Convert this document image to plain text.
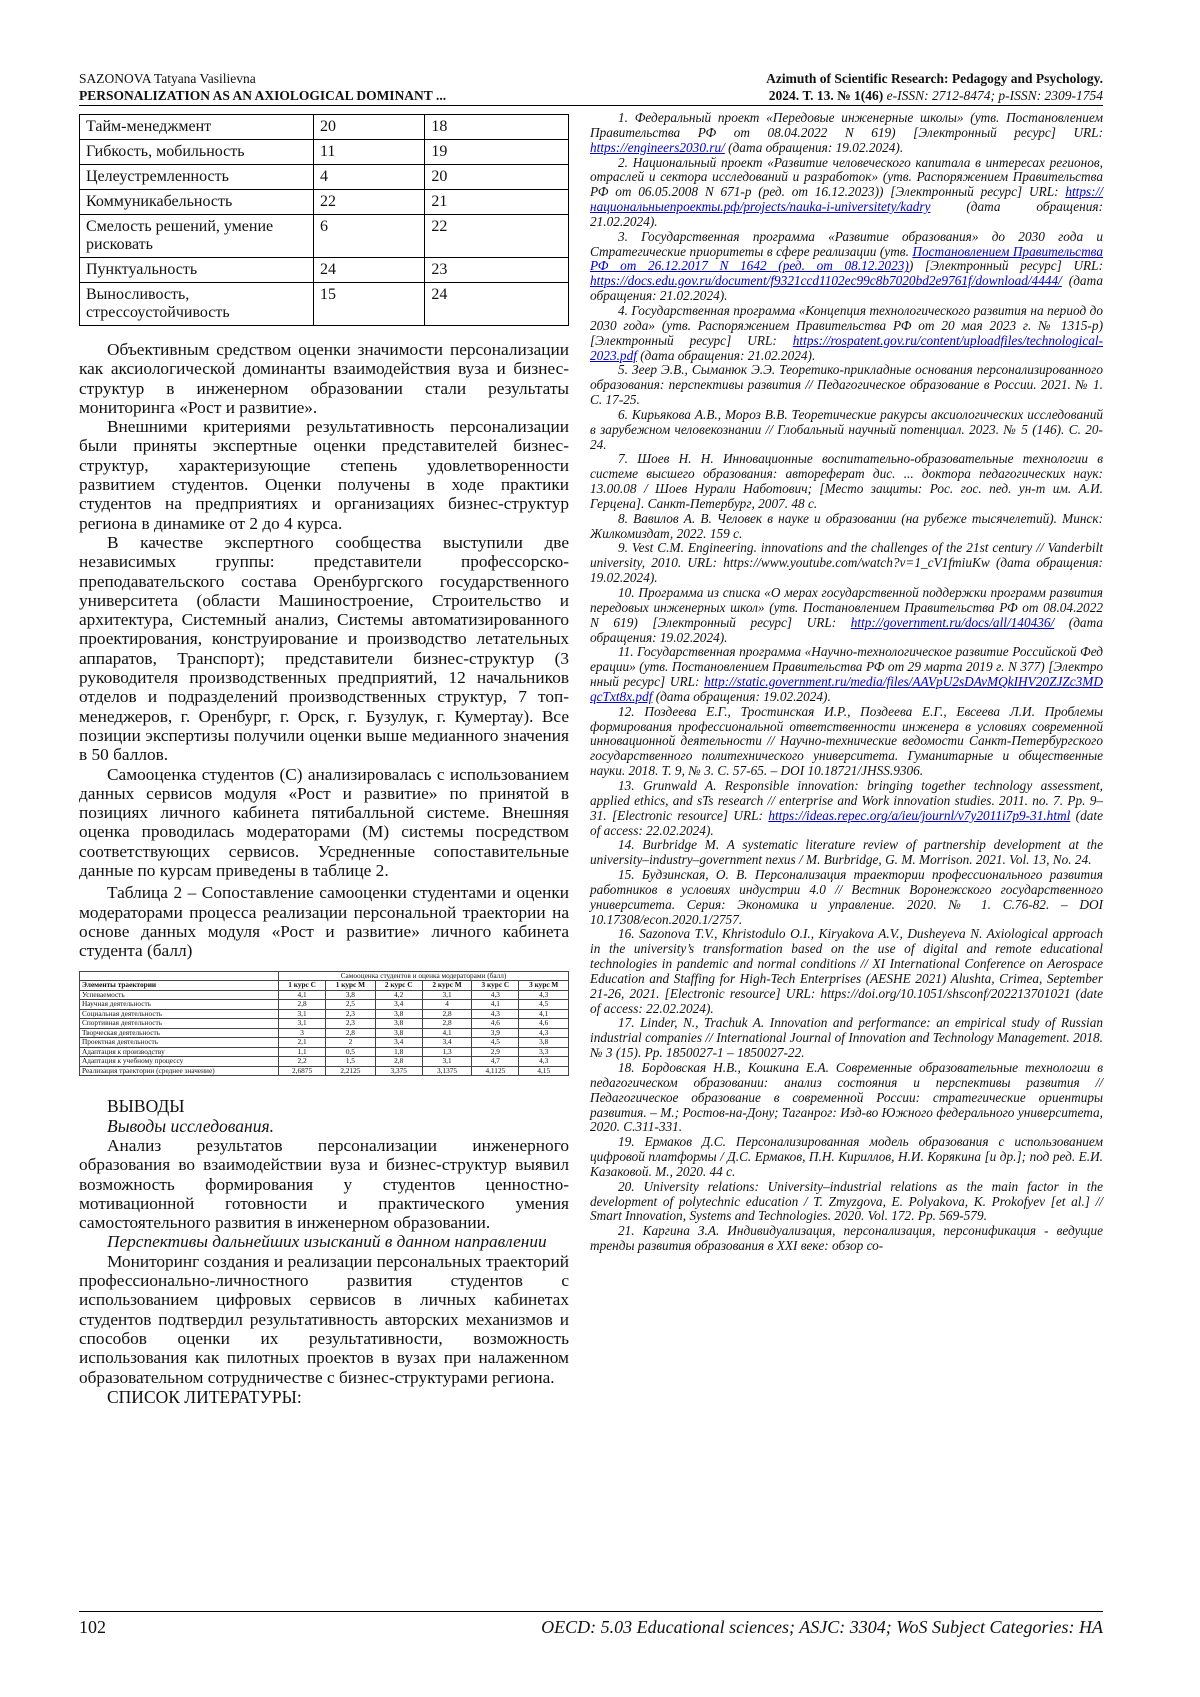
SAZONOVA Tatyana Vasilievna
PERSONALIZATION AS AN AXIOLOGICAL DOMINANT ...
Azimuth of Scientific Research: Pedagogy and Psychology.
2024. Т. 13. № 1(46) e-ISSN: 2712-8474; p-ISSN: 2309-1754
Тайм-менеджмент	20	18
Гибкость, мобильность	11	19
Целеустремленность	4	20
Коммуникабельность	22	21
Смелость решений, умение рисковать	6	22
Пунктуальность	24	23
Выносливость, стрессоустойчивость	15	24

Объективным средством оценки значимости персонализации как аксиологической доминанты взаимодействия вуза и бизнес-структур в инженерном образовании стали результаты мониторинга «Рост и развитие».

Внешними критериями результативность персонализации были приняты экспертные оценки представителей бизнес-структур, характеризующие степень удовлетворенности развитием студентов. Оценки получены в ходе практики студентов на предприятиях и организациях бизнес-структур региона в динамике от 2 до 4 курса.

В качестве экспертного сообщества выступили две независимых группы: представители профессорско-преподавательского состава Оренбургского государственного университета (области Машиностроение, Строительство и архитектура, Системный анализ, Системы автоматизированного проектирования, конструирование и производство летательных аппаратов, Транспорт); представители бизнес-структур (3 руководителя производственных предприятий, 12 начальников отделов и подразделений производственных структур, 7 топ-менеджеров, г. Оренбург, г. Орск, г. Бузулук, г. Кумертау). Все позиции экспертизы получили оценки выше медианного значения в 50 баллов.

Самооценка студентов (С) анализировалась с использованием данных сервисов модуля «Рост и развитие» по принятой в позициях личного кабинета пятибалльной системе. Внешняя оценка проводилась модераторами (М) системы посредством соответствующих сервисов. Усредненные сопоставительные данные по курсам приведены в таблице 2.

Таблица 2 – Сопоставление самооценки студентами и оценки модераторами процесса реализации персональной траектории на основе данных модуля «Рост и развитие» личного кабинета студента (балл)

	Самооценка студентов и оценка модераторами (балл)					
Элементы траектории	1 курс С	1 курс М	2 курс С	2 курс М	3 курс С	3 курс М
Успеваемость	4,1	3,8	4,2	3,1	4,3	4,3
Научная деятельность	2,8	2,5	3,4	4	4,1	4,5
Социальная деятельность	3,1	2,3	3,8	2,8	4,3	4,1
Спортивная деятельность	3,1	2,3	3,8	2,8	4,6	4,6
Творческая деятельность	3	2,8	3,8	4,1	3,9	4,3
Проектная деятельность	2,1	2	3,4	3,4	4,5	3,8
Адаптация к производству	1,1	0,5	1,8	1,3	2,9	3,3
Адаптация к учебному процессу	2,2	1,5	2,8	3,1	4,7	4,3
Реализация траектории (среднее значение)	2,6875	2,2125	3,375	3,1375	4,1125	4,15
ВЫВОДЫ
Выводы исследования.

Анализ результатов персонализации инженерного образования во взаимодействии вуза и бизнес-структур выявил возможность формирования у студентов ценностно-мотивационной готовности и практического умения самостоятельного развития в инженерном образовании.

Перспективы дальнейших изысканий в данном направлении

Мониторинг создания и реализации персональных траекторий профессионально-личностного развития студентов с использованием цифровых сервисов в личных кабинетах студентов подтвердил результативность авторских механизмов и способов оценки их результативности, возможность использования как пилотных проектов в вузах при налаженном образовательном сотрудничестве с бизнес-структурами региона.

СПИСОК ЛИТЕРАТУРЫ:

1. Федеральный проект «Передовые инженерные школы» (утв. Постановлением Правительства РФ от 08.04.2022 N 619) [Электронный ресурс] URL: https://engineers2030.ru/ (дата обращения: 19.02.2024).

2. Национальный проект «Развитие человеческого капитала в интересах регионов, отраслей и сектора исследований и разработок» (утв. Распоряжением Правительства РФ от 06.05.2008 N 671-р (ред. от 16.12.2023)) [Электронный ресурс] URL: https://национальныепроекты.рф/projects/nauka-i-universitety/kadry (дата обращения: 21.02.2024).

3. Государственная программа «Развитие образования» до 2030 года и Стратегические приоритеты в сфере реализации (утв. Постановлением Правительства РФ от 26.12.2017 N 1642 (ред. от 08.12.2023)) [Электронный ресурс] URL: https://docs.edu.gov.ru/document/f9321ccd1102ec99c8b7020bd2e9761f/download/4444/ (дата обращения: 21.02.2024).

4. Государственная программа «Концепция технологического развития на период до 2030 года» (утв. Распоряжением Правительства РФ от 20 мая 2023 г. № 1315-р) [Электронный ресурс] URL: https://rospatent.gov.ru/content/uploadfiles/technological-2023.pdf (дата обращения: 21.02.2024).

5. Зеер Э.В., Сыманюк Э.Э. Теоретико-прикладные основания персонализированного образования: перспективы развития // Педагогическое образование в России. 2021. № 1. С. 17-25.

6. Кирьякова А.В., Мороз В.В. Теоретические ракурсы аксиологических исследований в зарубежном человекознании // Глобальный научный потенциал. 2023. № 5 (146). С. 20-24.

7. Шоев Н. Н. Инновационные воспитательно-образовательные технологии в системе высшего образования: автореферат дис. ... доктора педагогических наук: 13.00.08 / Шоев Нурали Наботович; [Место защиты: Рос. гос. пед. ун-т им. А.И. Герцена]. Санкт-Петербург, 2007. 48 с.

8. Вавилов А. В. Человек в науке и образовании (на рубеже тысячелетий). Минск: Жилкомиздат, 2022. 159 с.

9. Vest C.M. Engineering. innovations and the challenges of the 21st century // Vanderbilt university, 2010. URL: https://www.youtube.com/watch?v=1_cV1fmiuKw (дата обращения: 19.02.2024).

10. Программа из списка «О мерах государственной поддержки программ развития передовых инженерных школ» (утв. Постановлением Правительства РФ от 08.04.2022 N 619) [Электронный ресурс] URL: http://government.ru/docs/all/140436/ (дата обращения: 19.02.2024).

11. Государственная программа «Научно-технологическое развитие Российской Федерации» (утв. Постановлением Правительства РФ от 29 марта 2019 г. N 377) [Электронный ресурс] URL: http://static.government.ru/media/files/AAVpU2sDAvMQkIHV20ZJZc3MDqcTxt8x.pdf (дата обращения: 19.02.2024).

12. Поздеева Е.Г., Тростинская И.Р., Поздеева Е.Г., Евсеева Л.И. Проблемы формирования профессиональной ответственности инженера в условиях современной инновационной деятельности // Научно-технические ведомости Санкт-Петербургского государственного политехнического университета. Гуманитарные и общественные науки. 2018. Т. 9, № 3. С. 57-65. – DOI 10.18721/JHSS.9306.

13. Grunwald A. Responsible innovation: bringing together technology assessment, applied ethics, and sTs research // enterprise and Work innovation studies. 2011. no. 7. Pp. 9–31. [Electronic resource] URL: https://ideas.repec.org/a/ieu/journl/v7y2011i7p9-31.html (date of access: 22.02.2024).

14. Burbridge M. A systematic literature review of partnership development at the university–industry–government nexus / M. Burbridge, G. M. Morrison. 2021. Vol. 13, No. 24.

15. Будзинская, О. В. Персонализация траектории профессионального развития работников в условиях индустрии 4.0 // Вестник Воронежского государственного университета. Серия: Экономика и управление. 2020. № 1. С.76-82. – DOI 10.17308/econ.2020.1/2757.

16. Sazonova T.V., Khristodulo O.I., Kiryakova A.V., Dusheyeva N. Axiological approach in the university’s transformation based on the use of digital and remote educational technologies in pandemic and normal conditions // XI International Conference on Aerospace Education and Staffing for High-Tech Enterprises (AESHE 2021) Alushta, Crimea, September 21-26, 2021. [Electronic resource] URL: https://doi.org/10.1051/shsconf/202213701021 (date of access: 22.02.2024).

17. Linder, N., Trachuk A. Innovation and performance: an empirical study of Russian industrial companies // International Journal of Innovation and Technology Management. 2018. № 3 (15). Pp. 1850027-1 – 1850027-22.

18. Бордовская Н.В., Кошкина Е.А. Современные образовательные технологии в педагогическом образовании: анализ состояния и перспективы развития // Педагогическое образование в современной России: стратегические ориентиры развития. – М.; Ростов-на-Дону; Таганрог: Изд-во Южного федерального университета, 2020. С.311-331.

19. Ермаков Д.С. Персонализированная модель образования с использованием цифровой платформы / Д.С. Ермаков, П.Н. Кириллов, Н.И. Корякина [и др.]; под ред. Е.И. Казаковой. М., 2020. 44 с.

20. University relations: University–industrial relations as the main factor in the development of polytechnic education / T. Zmyzgova, E. Polyakova, K. Prokofyev [et al.] // Smart Innovation, Systems and Technologies. 2020. Vol. 172. Pp. 569-579.

21. Каргина З.А. Индивидуализация, персонализация, персонификация - ведущие тренды развития образования в XXI веке: обзор со-

102	OECD: 5.03 Educational sciences; ASJC: 3304; WoS Subject Categories: HA
